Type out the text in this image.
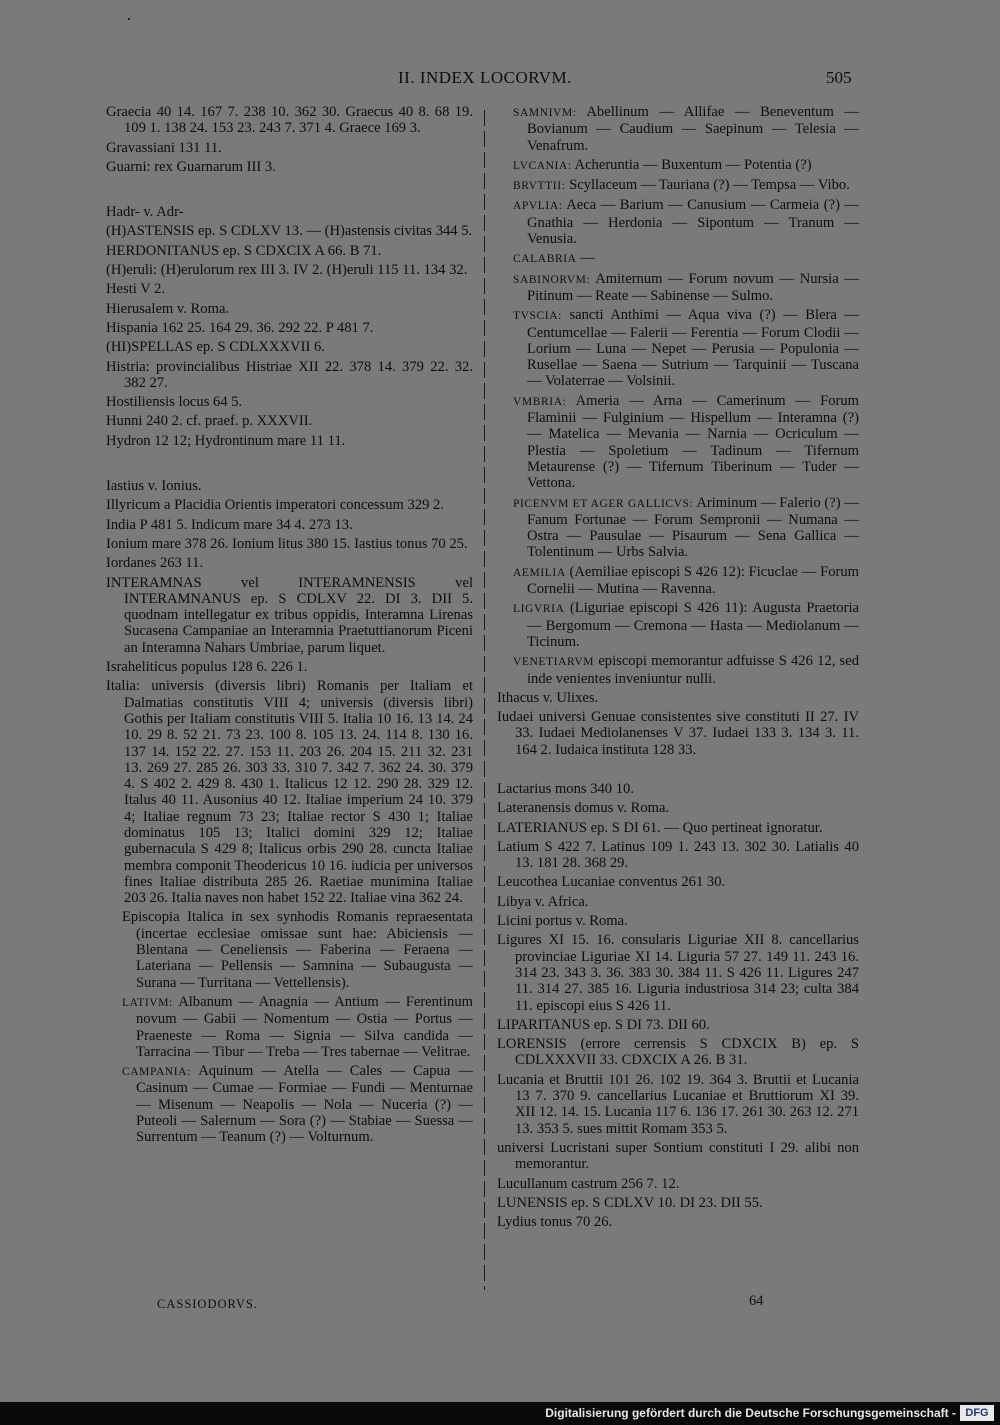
II. INDEX LOCORVM.	505

Graecia 40 14. 167 7. 238 10. 362 30. Graecus 40 8. 68 19. 109 1. 138 24. 153 23. 243 7. 371 4. Graece 169 3.

Gravassiani 131 11.

Guarni: rex Guarnarum III 3.

Hadr- v. Adr-

(H)ASTENSIS ep. S CDLXV 13. — (H)astensis civitas 344 5.

HERDONITANUS ep. S CDXCIX A 66. B 71.

(H)eruli: (H)erulorum rex III 3. IV 2. (H)eruli 115 11. 134 32.

Hesti V 2.

Hierusalem v. Roma.

Hispania 162 25. 164 29. 36. 292 22. P 481 7.

(HI)SPELLAS ep. S CDLXXXVII 6.

Histria: provincialibus Histriae XII 22. 378 14. 379 22. 32. 382 27.

Hostiliensis locus 64 5.

Hunni 240 2. cf. praef. p. XXXVII.

Hydron 12 12; Hydrontinum mare 11 11.

Iastius v. Ionius.

Illyricum a Placidia Orientis imperatori concessum 329 2.

India P 481 5. Indicum mare 34 4. 273 13.

Ionium mare 378 26. Ionium litus 380 15. Iastius tonus 70 25.

Iordanes 263 11.

INTERAMNAS vel INTERAMNENSIS vel INTERAMNANUS ep. S CDLXV 22. DI 3. DII 5. quodnam intellegatur ex tribus oppidis, Interamna Lirenas Sucasena Campaniae an Interamnia Praetuttianorum Piceni an Interamna Nahars Umbriae, parum liquet.

Israheliticus populus 128 6. 226 1.

Italia: universis (diversis libri) Romanis per Italiam et Dalmatias constitutis VIII 4; universis (diversis libri) Gothis per Italiam constitutis VIII 5. Italia 10 16. 13 14. 24 10. 29 8. 52 21. 73 23. 100 8. 105 13. 24. 114 8. 130 16. 137 14. 152 22. 27. 153 11. 203 26. 204 15. 211 32. 231 13. 269 27. 285 26. 303 33. 310 7. 342 7. 362 24. 30. 379 4. S 402 2. 429 8. 430 1. Italicus 12 12. 290 28. 329 12. Italus 40 11. Ausonius 40 12. Italiae imperium 24 10. 379 4; Italiae regnum 73 23; Italiae rector S 430 1; Italiae dominatus 105 13; Italici domini 329 12; Italiae gubernacula S 429 8; Italicus orbis 290 28. cuncta Italiae membra componit Theodericus 10 16. iudicia per universos fines Italiae distributa 285 26. Raetiae munimina Italiae 203 26. Italia naves non habet 152 22. Italiae vina 362 24.

Episcopia Italica in sex synhodis Romanis repraesentata (incertae ecclesiae omissae sunt hae: Abiciensis — Blentana — Ceneliensis — Faberina — Feraena — Lateriana — Pellensis — Samnina — Subaugusta — Surana — Turritana — Vettellensis).

LATIVM: Albanum — Anagnia — Antium — Ferentinum novum — Gabii — Nomentum — Ostia — Portus — Praeneste — Roma — Signia — Silva candida — Tarracina — Tibur — Treba — Tres tabernae — Velitrae.

CAMPANIA: Aquinum — Atella — Cales — Capua — Casinum — Cumae — Formiae — Fundi — Menturnae — Misenum — Neapolis — Nola — Nuceria (?) — Puteoli — Salernum — Sora (?) — Stabiae — Suessa — Surrentum — Teanum (?) — Volturnum.

SAMNIVM: Abellinum — Allifae — Beneventum — Bovianum — Caudium — Saepinum — Telesia — Venafrum.

LVCANIA: Acheruntia — Buxentum — Potentia (?)

BRVTTII: Scyllaceum — Tauriana (?) — Tempsa — Vibo.

APVLIA: Aeca — Barium — Canusium — Carmeia (?) — Gnathia — Herdonia — Sipontum — Tranum — Venusia.

CALABRIA —

SABINORVM: Amiternum — Forum novum — Nursia — Pitinum — Reate — Sabinense — Sulmo.

TVSCIA: sancti Anthimi — Aqua viva (?) — Blera — Centumcellae — Falerii — Ferentia — Forum Clodii — Lorium — Luna — Nepet — Perusia — Populonia — Rusellae — Saena — Sutrium — Tarquinii — Tuscana — Volaterrae — Volsinii.

VMBRIA: Ameria — Arna — Camerinum — Forum Flaminii — Fulginium — Hispellum — Interamna (?) — Matelica — Mevania — Narnia — Ocriculum — Plestia — Spoletium — Tadinum — Tifernum Metaurense (?) — Tifernum Tiberinum — Tuder — Vettona.

PICENVM ET AGER GALLICVS: Ariminum — Falerio (?) — Fanum Fortunae — Forum Sempronii — Numana — Ostra — Pausulae — Pisaurum — Sena Gallica — Tolentinum — Urbs Salvia.

AEMILIA (Aemiliae episcopi S 426 12): Ficuclae — Forum Cornelii — Mutina — Ravenna.

LIGVRIA (Liguriae episcopi S 426 11): Augusta Praetoria — Bergomum — Cremona — Hasta — Mediolanum — Ticinum.

VENETIARVM episcopi memorantur adfuisse S 426 12, sed inde venientes inveniuntur nulli.

Ithacus v. Ulixes.

Iudaei universi Genuae consistentes sive constituti II 27. IV 33. Iudaei Mediolanenses V 37. Iudaei 133 3. 134 3. 11. 164 2. Iudaica instituta 128 33.

Lactarius mons 340 10.

Lateranensis domus v. Roma.

LATERIANUS ep. S DI 61. — Quo pertineat ignoratur.

Latium S 422 7. Latinus 109 1. 243 13. 302 30. Latialis 40 13. 181 28. 368 29.

Leucothea Lucaniae conventus 261 30.

Libya v. Africa.

Licini portus v. Roma.

Ligures XI 15. 16. consularis Liguriae XII 8. cancellarius provinciae Liguriae XI 14. Liguria 57 27. 149 11. 243 16. 314 23. 343 3. 36. 383 30. 384 11. S 426 11. Ligures 247 11. 314 27. 385 16. Liguria industriosa 314 23; culta 384 11. episcopi eius S 426 11.

LIPARITANUS ep. S DI 73. DII 60.

LORENSIS (errore cerrensis S CDXCIX B) ep. S CDLXXXVII 33. CDXCIX A 26. B 31.

Lucania et Bruttii 101 26. 102 19. 364 3. Bruttii et Lucania 13 7. 370 9. cancellarius Lucaniae et Bruttiorum XI 39. XII 12. 14. 15. Lucania 117 6. 136 17. 261 30. 263 12. 271 13. 353 5. sues mittit Romam 353 5.

universi Lucristani super Sontium constituti I 29. alibi non memorantur.

Lucullanum castrum 256 7. 12.

LUNENSIS ep. S CDLXV 10. DI 23. DII 55.

Lydius tonus 70 26.

CASSIODORVS.	64
Digitalisierung gefördert durch die Deutsche Forschungsgemeinschaft - DFG
